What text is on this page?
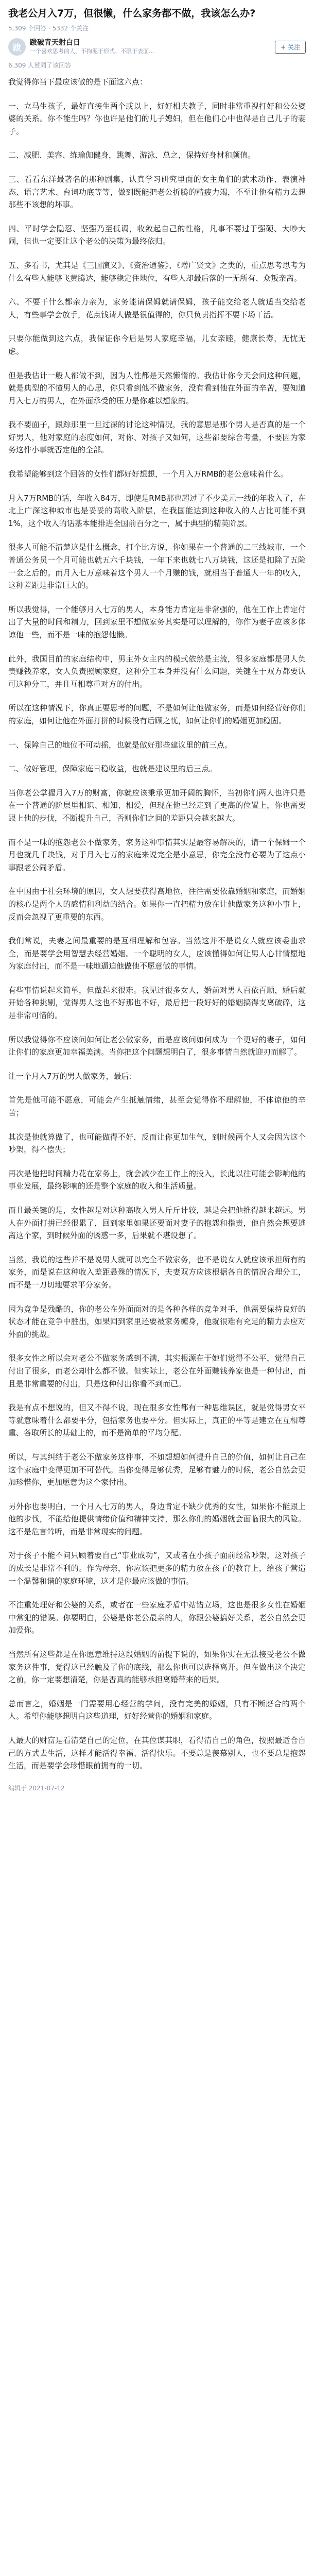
我老公月入7万，但很懒，什么家务都不做，我该怎么办?
5,309 个回答 · 5332 个关注
跋	跋破青天射白日
一个喜欢思考的人，不拘泥于形式、不限于表面...
+ 关注
6,309 人赞同了该回答

我觉得你当下最应该做的是下面这六点：

一、立马生孩子，最好直接生两个或以上，好好相夫教子，同时非常重视打好和公公婆婆的关系。你不能生吗？你也许是他们的儿子媳妇，但在他们心中也得是自己儿子的妻子。

二、减肥、美容、练瑜伽健身，跳舞、游泳、总之，保持好身材和颜值。

三、看看东洋最著名的那种剧集，认真学习研究里面的女主角们的武术动作、表演神态、语言艺术、台词功底等等，做到既能把老公折腾的精疲力竭，不至让他有精力去想那些不该想的坏事。

四、平时学会隐忍、坚强乃至低调，收敛起自己的性格，凡事不要过于强硬、大吵大闹，但也一定要让这个老公的决策为最终依归。

五、多看书，尤其是《三国演义》、《资治通鉴》、《增广贤文》之类的，重点思考思考为什么有些人能够飞黄腾达，能够稳定住地位，有些人却最后落的一无所有、众叛亲离。

六、不要干什么都亲力亲为，家务能请保姆就请保姆，孩子能交给老人就适当交给老人，有些事学会放手，花点钱请人做是很值得的，你只负责指挥不要下场干活。

只要你能做到这六点，我保证你今后是男人家庭幸福，儿女亲睦，健康长寿，无忧无虑。

但是我估计一般人都做不到，因为人性都是天然懒惰的。我估计你今天会问这种问题，就是典型的不懂男人的心思，你只看到他不做家务，没有看到他在外面的辛苦，要知道月入七万的男人，在外面承受的压力是你难以想象的。

我不要面子，跟踪那里一旦过深的讨论这种情况，我的意思是那个男人是否真的是一个好男人，他对家庭的态度如何，对你、对孩子又如何，这些都要综合考量，不要因为家务这件小事就否定他的全部。

我希望能够到这个回答的女性们都好好想想，一个月入万RMB的老公意味着什么。

月入7万RMB的话，年收入84万，即使是RMB那也超过了不少美元一线的年收入了，在北上广深这种城市也是妥妥的高收入阶层，在我国能达到这种收入的人占比可能不到1%，这个收入的话基本能排进全国前百分之一，属于典型的精英阶层。

很多人可能不清楚这是什么概念，打个比方说，你如果在一个普通的二三线城市，一个普通公务员一个月可能也就五六千块钱，一年下来也就七八万块钱，这还是扣除了五险一金之后的。而月入七万意味着这个男人一个月赚的钱，就相当于普通人一年的收入，这种差距是非常巨大的。

所以我觉得，一个能够月入七万的男人，本身能力肯定是非常强的，他在工作上肯定付出了大量的时间和精力，回到家里不想做家务其实是可以理解的，你作为妻子应该多体谅他一些，而不是一味的抱怨他懒。

此外，我国目前的家庭结构中，男主外女主内的模式依然是主流，很多家庭都是男人负责赚钱养家，女人负责照顾家庭，这种分工本身并没有什么问题，关键在于双方都要认可这种分工，并且互相尊重对方的付出。

所以在这种情况下，你真正要思考的问题，不是如何让他做家务，而是如何经营好你们的家庭，如何让他在外面打拼的时候没有后顾之忧，如何让你们的婚姻更加稳固。

一、保障自己的地位不可动摇，也就是做好那些建议里的前三点。

二、做好管理，保障家庭日稳收益，也就是建议里的后三点。

当你老公掌握月入7万的财富，你就应该秉承更加开阔的胸怀，当初你们两人也许只是在一个普通的阶层里相识、相知、相爱，但现在他已经走到了更高的位置上，你也需要跟上他的步伐，不断提升自己，否则你们之间的差距只会越来越大。

而不是一味的抱怨老公不做家务，家务这种事情其实是最容易解决的，请一个保姆一个月也就几千块钱，对于月入七万的家庭来说完全是小意思，你完全没有必要为了这点小事跟老公闹矛盾。

在中国由于社会环境的原因，女人想要获得高地位，往往需要依靠婚姻和家庭，而婚姻的核心是两个人的感情和利益的结合。如果你一直把精力放在让他做家务这种小事上，反而会忽视了更重要的东西。

我们常说，夫妻之间最重要的是互相理解和包容。当然这并不是说女人就应该委曲求全，而是要学会用智慧去经营婚姻。一个聪明的女人，应该懂得如何让男人心甘情愿地为家庭付出，而不是一味地逼迫他做他不愿意做的事情。

有些事情说起来简单，但做起来很难。我见过很多女人，婚前对男人百依百顺，婚后就开始各种挑剔，觉得男人这也不好那也不好，最后把一段好好的婚姻搞得支离破碎，这是非常可惜的。

所以我觉得你不应该问如何让老公做家务，而是应该问如何成为一个更好的妻子，如何让你们的家庭更加幸福美满。当你把这个问题想明白了，很多事情自然就迎刃而解了。

让一个月入7万的男人做家务，最后：

首先是他可能不愿意，可能会产生抵触情绪，甚至会觉得你不理解他，不体谅他的辛苦；

其次是他就算做了，也可能做得不好，反而让你更加生气，到时候两个人又会因为这个吵架，得不偿失；

再次是他把时间精力花在家务上，就会减少在工作上的投入，长此以往可能会影响他的事业发展，最终影响的还是整个家庭的收入和生活质量。

而且最关键的是，女性越是对这种高收入男人斤斤计较，越是会把他推得越来越远。男人在外面打拼已经很累了，回到家里如果还要面对妻子的抱怨和指责，他自然会想要逃离这个家，到时候外面的诱惑一多，后果就不堪设想了。

当然，我说的这些并不是说男人就可以完全不做家务，也不是说女人就应该承担所有的家务，而是说在这种收入差距悬殊的情况下，夫妻双方应该根据各自的情况合理分工，而不是一刀切地要求平分家务。

因为竞争是残酷的，你的老公在外面面对的是各种各样的竞争对手，他需要保持良好的状态才能在竞争中胜出，如果回到家里还要被家务缠身，他就很难有充足的精力去应对外面的挑战。

很多女性之所以会对老公不做家务感到不满，其实根源在于她们觉得不公平，觉得自己付出了很多，而老公却什么都不做。但实际上，老公在外面赚钱养家也是一种付出，而且是非常重要的付出，只是这种付出你看不到而已。

我是有点不想说的，但又不得不说，现在很多女性都有一种思维误区，就是觉得男女平等就意味着什么都要平分，包括家务也要平分。但实际上，真正的平等是建立在互相尊重、各取所长的基础上的，而不是简单的平均分配。

所以，与其纠结于老公不做家务这件事，不如想想如何提升自己的价值，如何让自己在这个家庭中变得更加不可替代。当你变得足够优秀，足够有魅力的时候，老公自然会更加珍惜你，更加愿意为这个家付出。

另外你也要明白，一个月入七万的男人，身边肯定不缺少优秀的女性，如果你不能跟上他的步伐，不能给他提供情绪价值和精神支持，那么你们的婚姻就会面临很大的风险。这不是危言耸听，而是非常现实的问题。

对于孩子不能不问只顾着要自己“事业成功”，又或者在小孩子面前经常吵架，这对孩子的成长是非常不利的。作为母亲，你应该把更多的精力放在孩子的教育上，给孩子营造一个温馨和谐的家庭环境，这才是你最应该做的事情。

不注重处理好和公婆的关系，或者在一些家庭矛盾中站错立场，这也是很多女性在婚姻中常犯的错误。你要明白，公婆是你老公最亲的人，你跟公婆搞好关系，老公自然会更加爱你。

当然所有这些都是在你愿意维持这段婚姻的前提下说的，如果你实在无法接受老公不做家务这件事，觉得这已经触及了你的底线，那么你也可以选择离开。但在做出这个决定之前，你一定要想清楚，你是否真的能够承担离婚带来的后果。

总而言之，婚姻是一门需要用心经营的学问，没有完美的婚姻，只有不断磨合的两个人。希望你能够想明白这些道理，好好经营你的婚姻和家庭。

人最大的财富是看清楚自己的定位，在其位谋其职，看得清自己的角色，按照最适合自己的方式去生活，这样才能活得幸福、活得快乐。不要总是羡慕别人，也不要总是抱怨生活，而是要学会珍惜眼前拥有的一切。

编辑于 2021-07-12
